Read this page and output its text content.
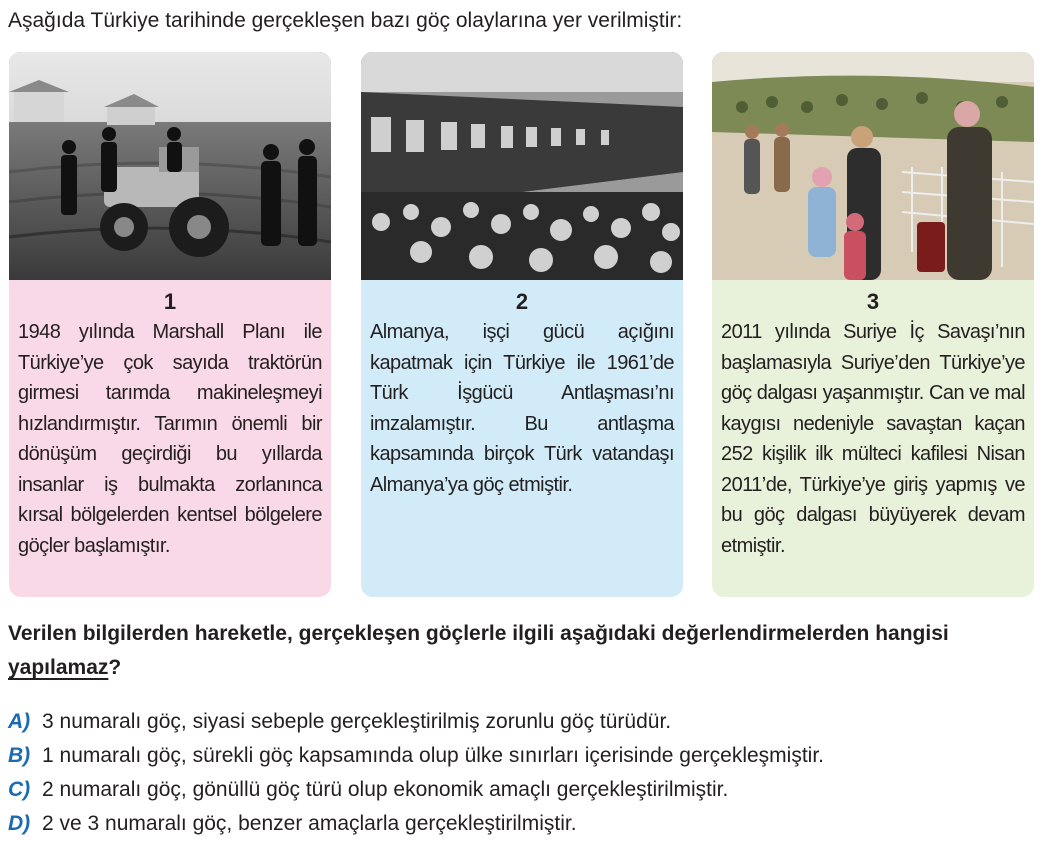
Aşağıda Türkiye tarihinde gerçekleşen bazı göç olaylarına yer verilmiştir:
1
1948 yılında Marshall Planı ile Türkiye’ye çok sayıda traktörün girmesi tarımda makineleşmeyi hızlandırmıştır. Tarımın önemli bir dönüşüm geçirdiği bu yıllarda insanlar iş bulmakta zorlanınca kırsal bölgelerden kentsel bölgelere göçler başlamıştır.
2
Almanya, işçi gücü açığını kapatmak için Türkiye ile 1961’de Türk İşgücü Antlaşması’nı imzalamıştır. Bu antlaşma kapsamında birçok Türk vatandaşı Almanya’ya göç etmiştir.
3
2011 yılında Suriye İç Savaşı’nın başlamasıyla Suriye’den Türkiye’ye göç dalgası yaşanmıştır. Can ve mal kaygısı nedeniyle savaştan kaçan 252 kişilik ilk mülteci kafilesi Nisan 2011’de, Türkiye’ye giriş yapmış ve bu göç dalgası büyüyerek devam etmiştir.
Verilen bilgilerden hareketle, gerçekleşen göçlerle ilgili aşağıdaki değerlendirmelerden hangisi yapılamaz?
A) 3 numaralı göç, siyasi sebeple gerçekleştirilmiş zorunlu göç türüdür.
B) 1 numaralı göç, sürekli göç kapsamında olup ülke sınırları içerisinde gerçekleşmiştir.
C) 2 numaralı göç, gönüllü göç türü olup ekonomik amaçlı gerçekleştirilmiştir.
D) 2 ve 3 numaralı göç, benzer amaçlarla gerçekleştirilmiştir.
